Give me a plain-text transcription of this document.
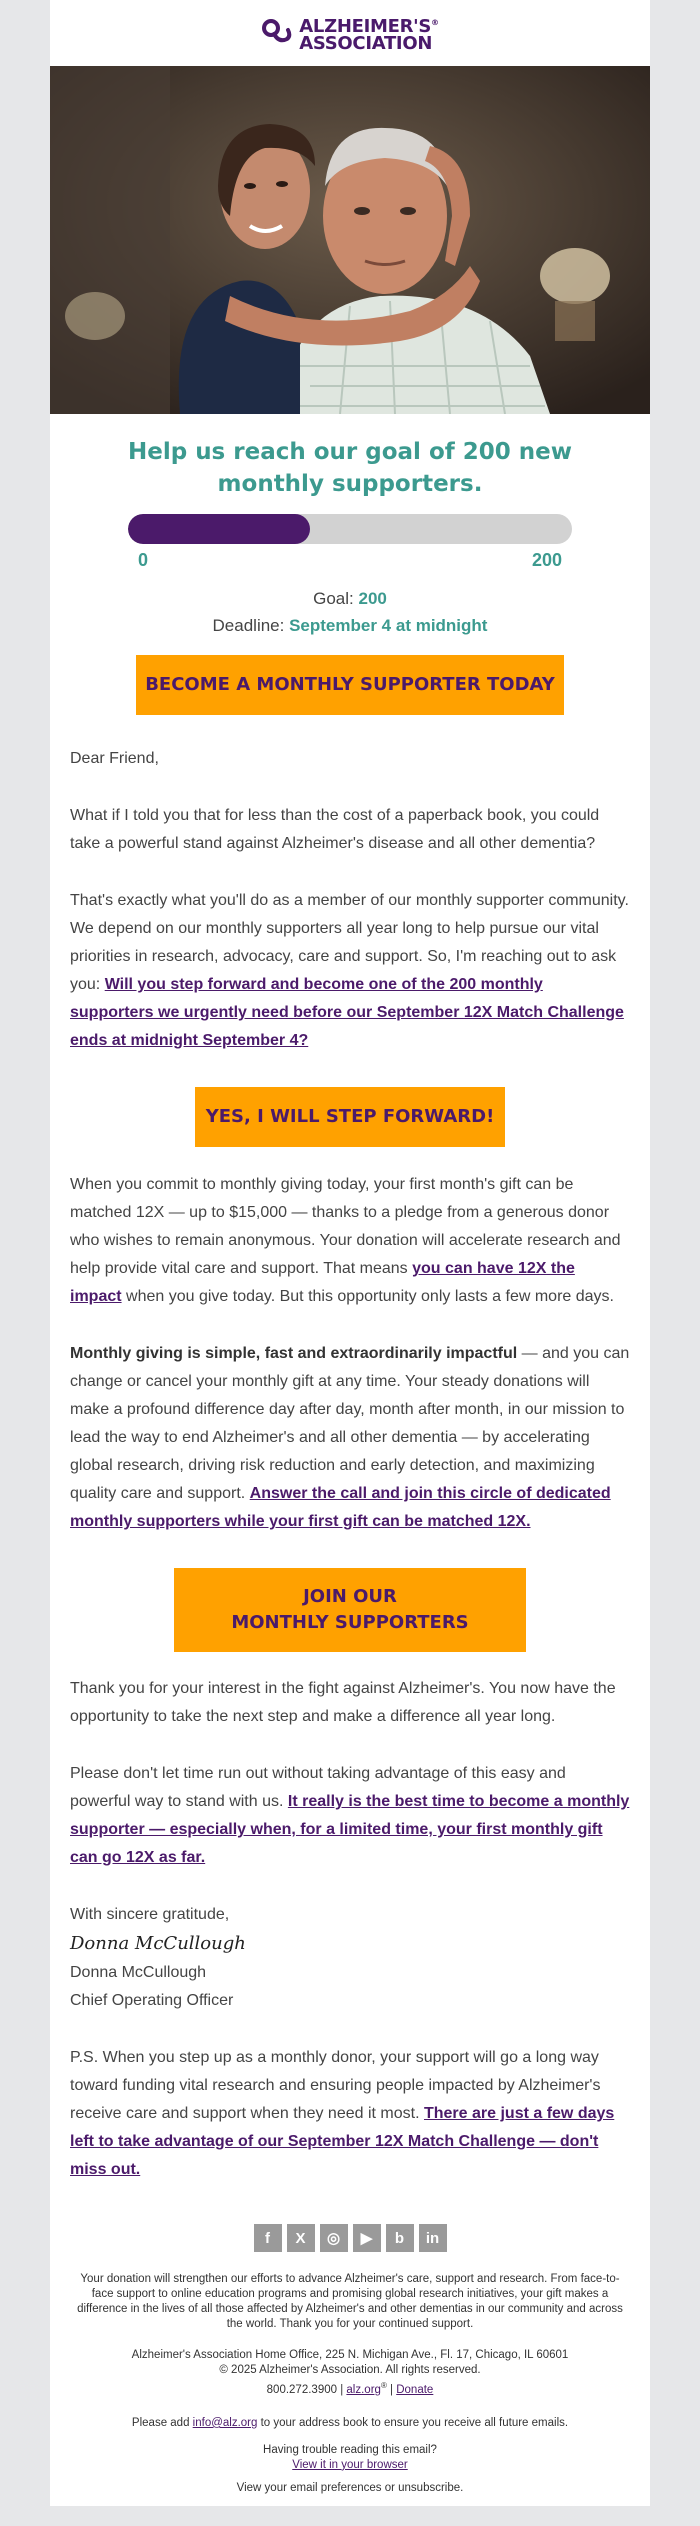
ALZHEIMER'S®
ASSOCIATION
Help us reach our goal of 200 new monthly supporters.
0	200
Goal: 200
Deadline: September 4 at midnight
BECOME A MONTHLY SUPPORTER TODAY
Dear Friend,
What if I told you that for less than the cost of a paperback book, you could take a powerful stand against Alzheimer's disease and all other dementia?
That's exactly what you'll do as a member of our monthly supporter community. We depend on our monthly supporters all year long to help pursue our vital priorities in research, advocacy, care and support. So, I'm reaching out to ask you: Will you step forward and become one of the 200 monthly supporters we urgently need before our September 12X Match Challenge ends at midnight September 4?
YES, I WILL STEP FORWARD!
When you commit to monthly giving today, your first month's gift can be matched 12X — up to $15,000 — thanks to a pledge from a generous donor who wishes to remain anonymous. Your donation will accelerate research and help provide vital care and support. That means you can have 12X the impact when you give today. But this opportunity only lasts a few more days.
Monthly giving is simple, fast and extraordinarily impactful — and you can change or cancel your monthly gift at any time. Your steady donations will make a profound difference day after day, month after month, in our mission to lead the way to end Alzheimer's and all other dementia — by accelerating global research, driving risk reduction and early detection, and maximizing quality care and support. Answer the call and join this circle of dedicated monthly supporters while your first gift can be matched 12X.
JOIN OUR
MONTHLY SUPPORTERS
Thank you for your interest in the fight against Alzheimer's. You now have the opportunity to take the next step and make a difference all year long.
Please don't let time run out without taking advantage of this easy and powerful way to stand with us. It really is the best time to become a monthly supporter — especially when, for a limited time, your first monthly gift can go 12X as far.
With sincere gratitude,
Donna McCullough
Donna McCullough
Chief Operating Officer
P.S. When you step up as a monthly donor, your support will go a long way toward funding vital research and ensuring people impacted by Alzheimer's receive care and support when they need it most. There are just a few days left to take advantage of our September 12X Match Challenge — don't miss out.
f	X	◎	▶	b	in
Your donation will strengthen our efforts to advance Alzheimer's care, support and research. From face-to-face support to online education programs and promising global research initiatives, your gift makes a difference in the lives of all those affected by Alzheimer's and other dementias in our community and across the world. Thank you for your continued support.
Alzheimer's Association Home Office, 225 N. Michigan Ave., Fl. 17, Chicago, IL 60601
© 2025 Alzheimer's Association. All rights reserved.
800.272.3900 | alz.org® | Donate
Please add info@alz.org to your address book to ensure you receive all future emails.
Having trouble reading this email?
View it in your browser
View your email preferences or unsubscribe.
